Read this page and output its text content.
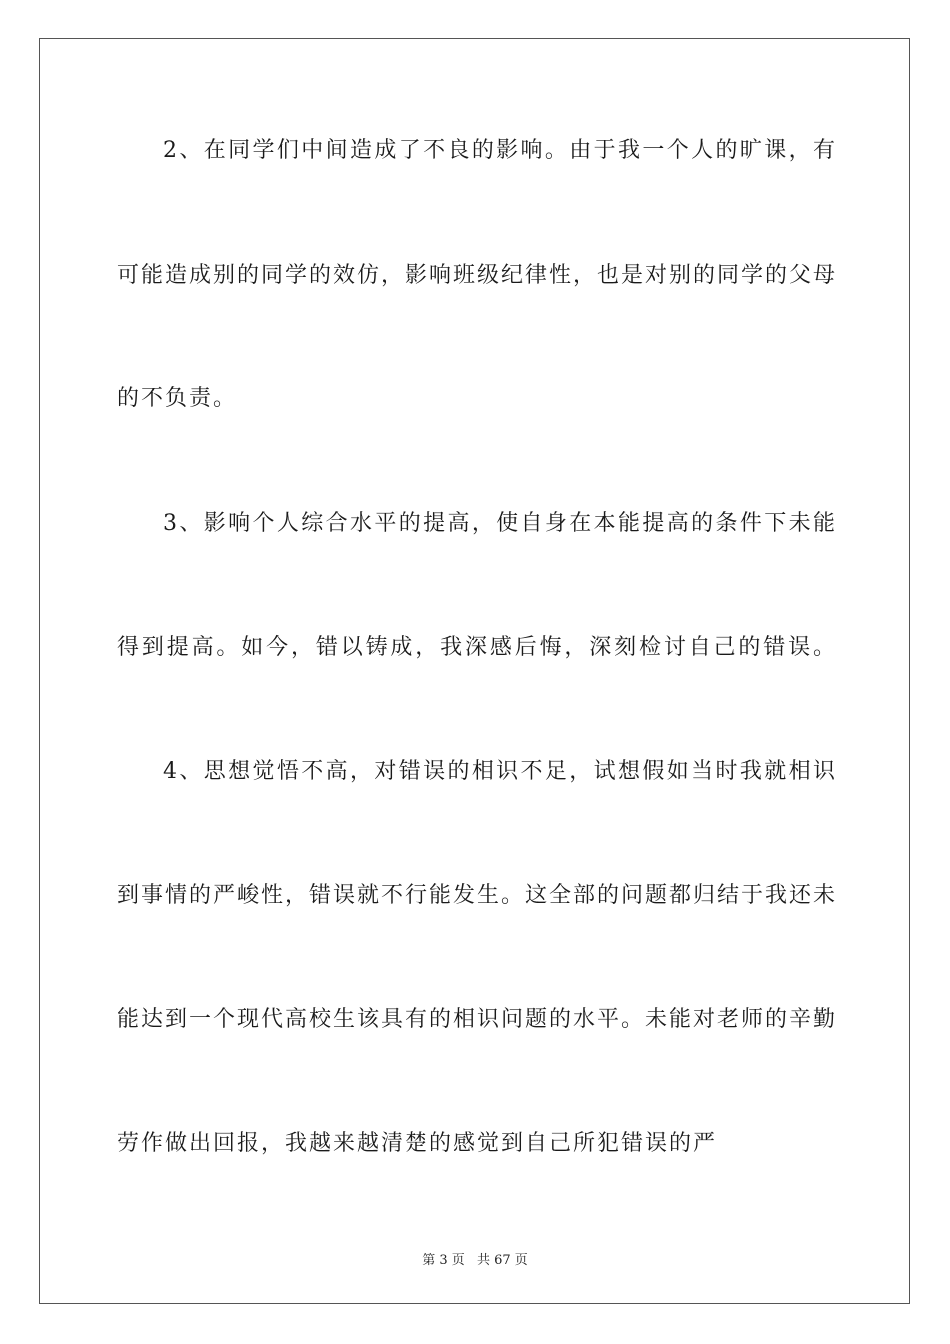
2、在同学们中间造成了不良的影响。由于我一个人的旷课，有
可能造成别的同学的效仿，影响班级纪律性，也是对别的同学的父母
的不负责。
3、影响个人综合水平的提高，使自身在本能提高的条件下未能
得到提高。如今，错以铸成，我深感后悔，深刻检讨自己的错误。
4、思想觉悟不高，对错误的相识不足，试想假如当时我就相识
到事情的严峻性，错误就不行能发生。这全部的问题都归结于我还未
能达到一个现代高校生该具有的相识问题的水平。未能对老师的辛勤
劳作做出回报，我越来越清楚的感觉到自己所犯错误的严
第 3 页 共 67 页
